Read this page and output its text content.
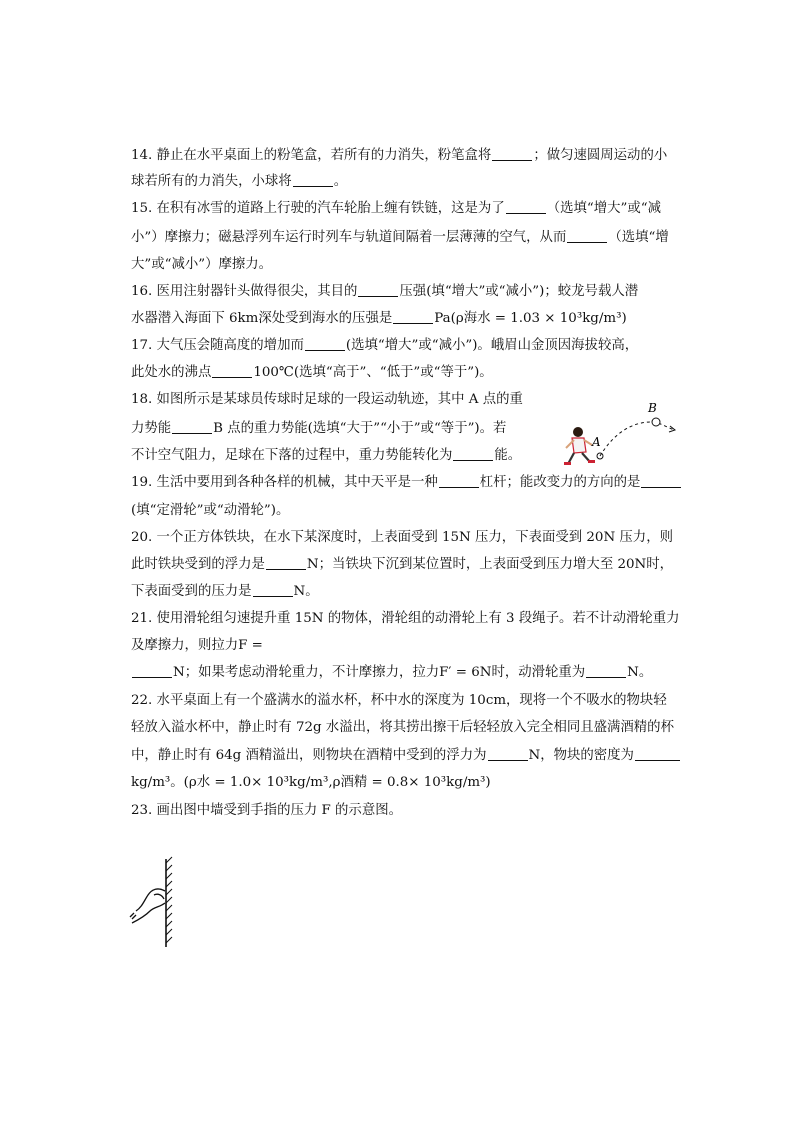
14. 静止在水平桌面上的粉笔盒，若所有的力消失，粉笔盒将	；做匀速圆周运动的小
球若所有的力消失，小球将	。
15. 在积有冰雪的道路上行驶的汽车轮胎上缠有铁链，这是为了	（选填“增大”或“减
小”）摩擦力；磁悬浮列车运行时列车与轨道间隔着一层薄薄的空气，从而	（选填“增
大”或“减小”）摩擦力。
16. 医用注射器针头做得很尖，其目的	压强(填“增大”或“减小”)；蛟龙号载人潜
水器潜入海面下 6km深处受到海水的压强是	Pa(ρ海水 = 1.03 × 10³kg/m³)
17. 大气压会随高度的增加而	(选填“增大”或“减小”)。峨眉山金顶因海拔较高，
此处水的沸点	100℃(选填“高于”、“低于”或“等于”)。
18. 如图所示是某球员传球时足球的一段运动轨迹，其中 A 点的重
力势能	B 点的重力势能(选填“大于”“小于”或“等于”)。若
不计空气阻力，足球在下落的过程中，重力势能转化为	能。
A
B
19. 生活中要用到各种各样的机械，其中天平是一种	杠杆；能改变力的方向的是
(填“定滑轮”或“动滑轮”)。
20. 一个正方体铁块，在水下某深度时，上表面受到 15N 压力，下表面受到 20N 压力，则
此时铁块受到的浮力是	N；当铁块下沉到某位置时，上表面受到压力增大至 20N时，
下表面受到的压力是	N。
21. 使用滑轮组匀速提升重 15N 的物体，滑轮组的动滑轮上有 3 段绳子。若不计动滑轮重力
及摩擦力，则拉力F =
N；如果考虑动滑轮重力，不计摩擦力，拉力F′ = 6N时，动滑轮重为	N。
22. 水平桌面上有一个盛满水的溢水杯，杯中水的深度为 10cm，现将一个不吸水的物块轻
轻放入溢水杯中，静止时有 72g 水溢出，将其捞出擦干后轻轻放入完全相同且盛满酒精的杯
中，静止时有 64g 酒精溢出，则物块在酒精中受到的浮力为	N，物块的密度为
kg/m³。(ρ水 = 1.0× 10³kg/m³,ρ酒精 = 0.8× 10³kg/m³)
23. 画出图中墙受到手指的压力 F 的示意图。
